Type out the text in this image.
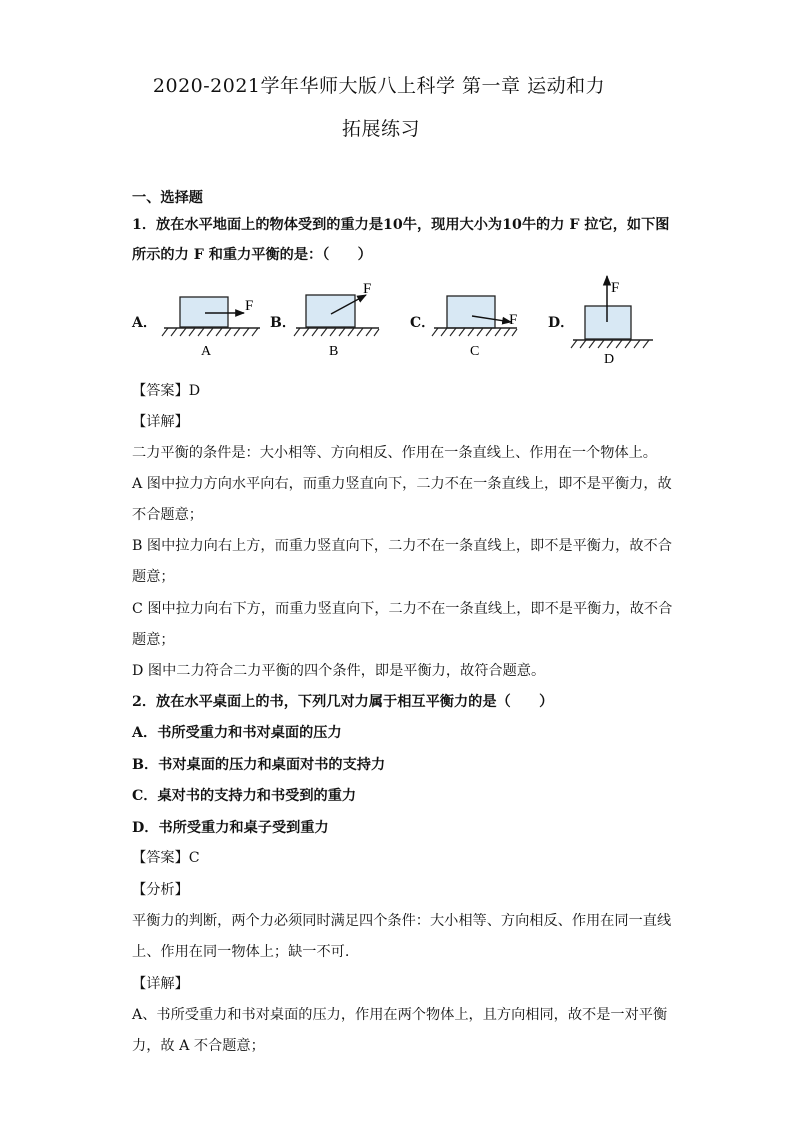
2020-2021学年华师大版八上科学 第一章 运动和力
拓展练习
一、选择题
1．放在水平地面上的物体受到的重力是10牛，现用大小为10牛的力 F 拉它，如下图
所示的力 F 和重力平衡的是：（　　）
A．	B．	C．	D．
F
A
F
B
F
C
F
D
【答案】D
【详解】
二力平衡的条件是：大小相等、方向相反、作用在一条直线上、作用在一个物体上。
A 图中拉力方向水平向右，而重力竖直向下，二力不在一条直线上，即不是平衡力，故
不合题意；
B 图中拉力向右上方，而重力竖直向下，二力不在一条直线上，即不是平衡力，故不合
题意；
C 图中拉力向右下方，而重力竖直向下，二力不在一条直线上，即不是平衡力，故不合
题意；
D 图中二力符合二力平衡的四个条件，即是平衡力，故符合题意。
2．放在水平桌面上的书，下列几对力属于相互平衡力的是（　　）
A．书所受重力和书对桌面的压力
B．书对桌面的压力和桌面对书的支持力
C．桌对书的支持力和书受到的重力
D．书所受重力和桌子受到重力
【答案】C
【分析】
平衡力的判断，两个力必须同时满足四个条件：大小相等、方向相反、作用在同一直线
上、作用在同一物体上；缺一不可.
【详解】
A、书所受重力和书对桌面的压力，作用在两个物体上，且方向相同，故不是一对平衡
力，故 A 不合题意；
